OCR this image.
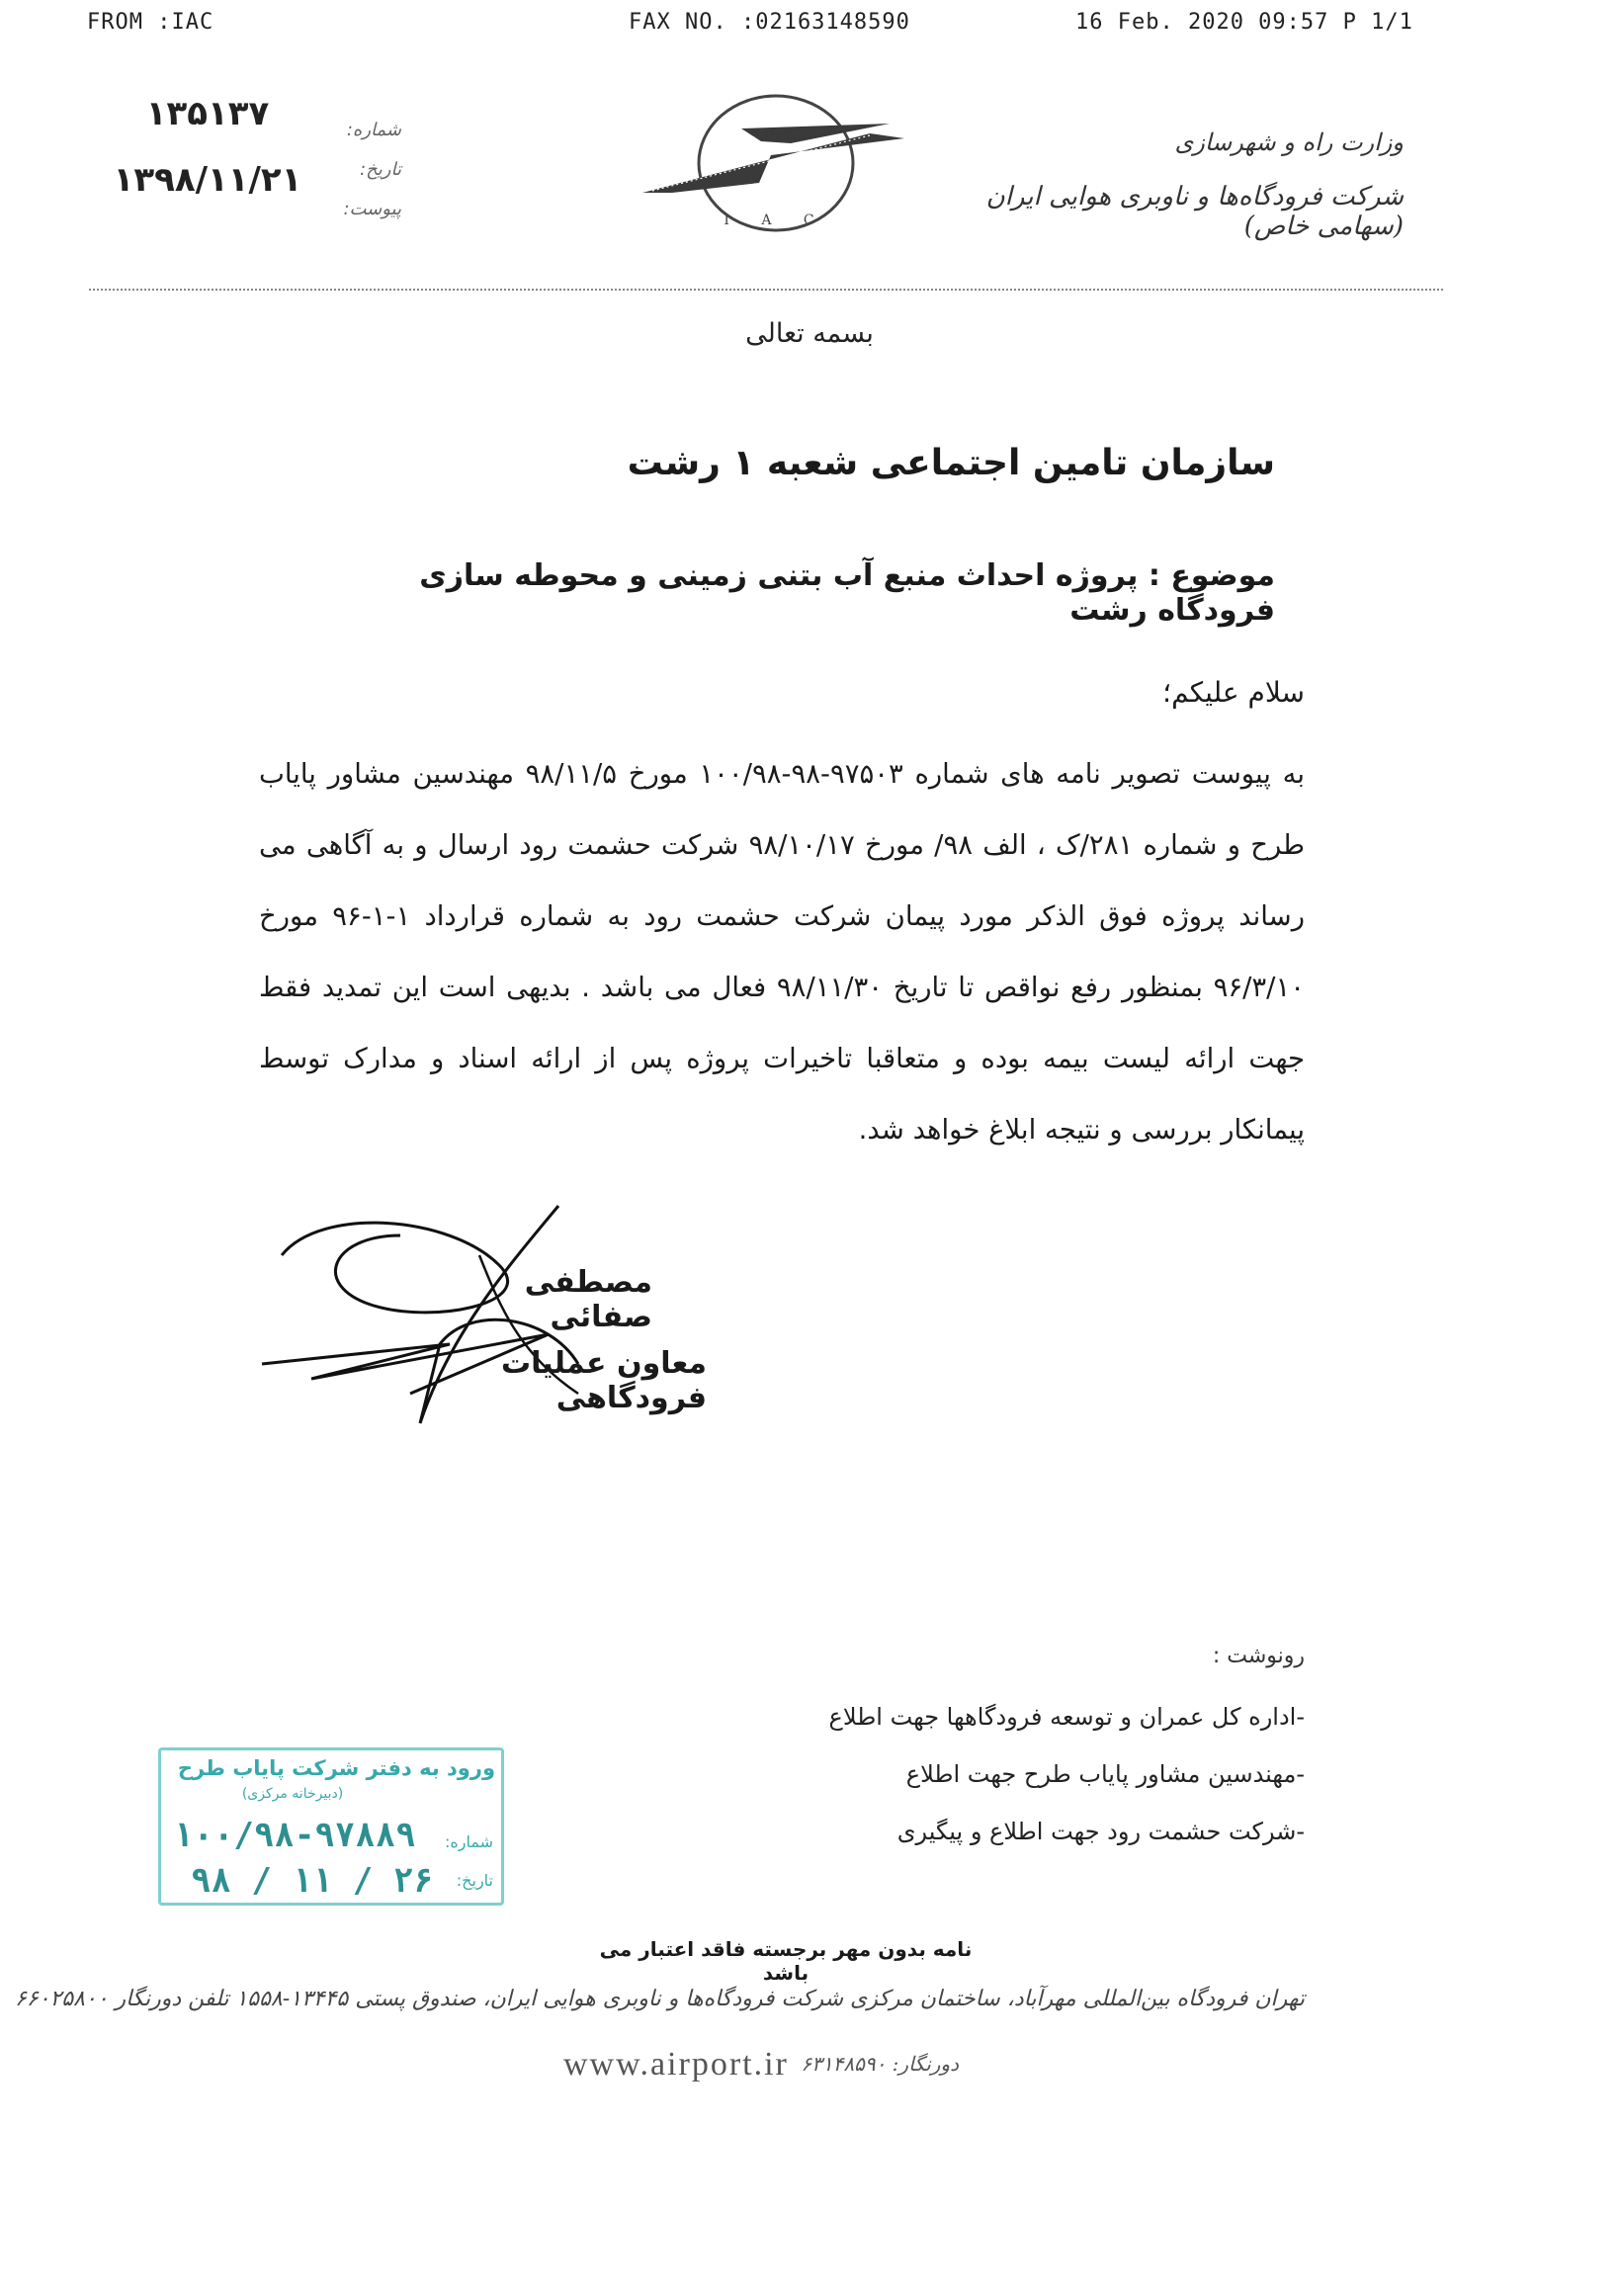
FROM :IAC	FAX NO. :02163148590	16 Feb. 2020 09:57 P 1/1
۱۳۵۱۳۷
۱۳۹۸/۱۱/۲۱
شماره:
تاریخ:
پیوست:
I A C
وزارت راه و شهرسازی
شرکت فرودگاه‌ها و ناوبری هوایی ایران (سهامی خاص)
بسمه تعالی
سازمان تامین اجتماعی شعبه ۱ رشت
موضوع : پروژه احداث منبع آب بتنی زمینی و محوطه سازی فرودگاه رشت
سلام علیکم؛
به پیوست تصویر نامه های شماره ۹۷۵۰۳-۹۸-۱۰۰/۹۸ مورخ ۹۸/۱۱/۵ مهندسین مشاور پایاب طرح و شماره ۲۸۱/ک ، الف ۹۸/ مورخ ۹۸/۱۰/۱۷ شرکت حشمت رود ارسال و به آگاهی می رساند پروژه فوق الذکر مورد پیمان شرکت حشمت رود به شماره قرارداد ۱-۱-۹۶ مورخ ۹۶/۳/۱۰ بمنظور رفع نواقص تا تاریخ ۹۸/۱۱/۳۰ فعال می باشد . بدیهی است این تمدید فقط جهت ارائه لیست بیمه بوده و متعاقبا تاخیرات پروژه پس از ارائه اسناد و مدارک توسط پیمانکار بررسی و نتیجه ابلاغ خواهد شد.
مصطفی صفائی
معاون عملیات فرودگاهی
رونوشت :
-اداره کل عمران و توسعه فرودگاهها جهت اطلاع
-مهندسین مشاور پایاب طرح جهت اطلاع
-شرکت حشمت رود جهت اطلاع و پیگیری
ورود به دفتر شرکت پایاب طرح
(دبیرخانه مرکزی)
شماره:
۱۰۰/۹۸-۹۷۸۸۹
تاریخ:
۹۸ / ۱۱ / ۲۶
نامه بدون مهر برجسته فاقد اعتبار می باشد
تهران فرودگاه بین‌المللی مهرآباد، ساختمان مرکزی شرکت فرودگاه‌ها و ناوبری هوایی ایران، صندوق پستی ۱۳۴۴۵-۱۵۵۸ تلفن دورنگار ۶۶۰۲۵۸۰۰
دورنگار: ۶۳۱۴۸۵۹۰
www.airport.ir
